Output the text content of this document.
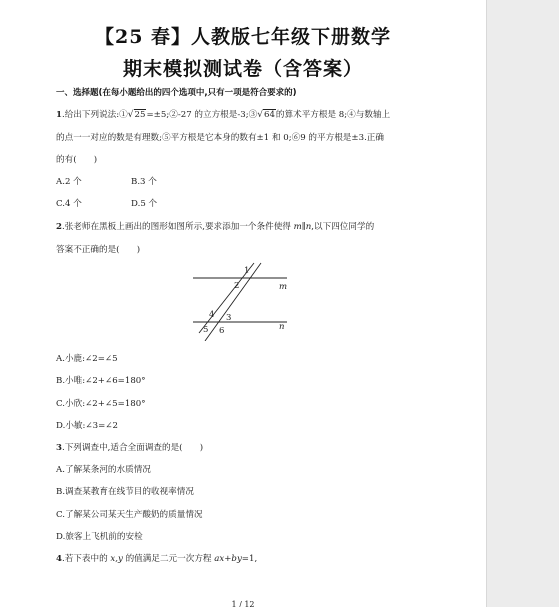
【25 春】人教版七年级下册数学
期末模拟测试卷（含答案）
一、选择题(在每小题给出的四个选项中,只有一项是符合要求的)
1.给出下列说法:①√25=±5;②-27 的立方根是-3;③√64的算术平方根是 8;④与数轴上
的点一一对应的数是有理数;⑤平方根是它本身的数有±1 和 0;⑥9 的平方根是±3.正确
的有(　　)
A.2 个	B.3 个
C.4 个	D.5 个
2.张老师在黑板上画出的图形如图所示,要求添加一个条件使得 m∥n,以下四位同学的
答案不正确的是(　　)
1
2	m
4 3
5 6	n
A.小鹿:∠2=∠5
B.小唯:∠2+∠6=180°
C.小欣:∠2+∠5=180°
D.小敏:∠3=∠2
3.下列调查中,适合全面调查的是(　　)
A.了解某条河的水质情况
B.调查某教育在线节目的收视率情况
C.了解某公司某天生产酸奶的质量情况
D.旅客上飞机前的安检
4.若下表中的 x,y 的值满足二元一次方程 ax+by=1,
1 / 12
